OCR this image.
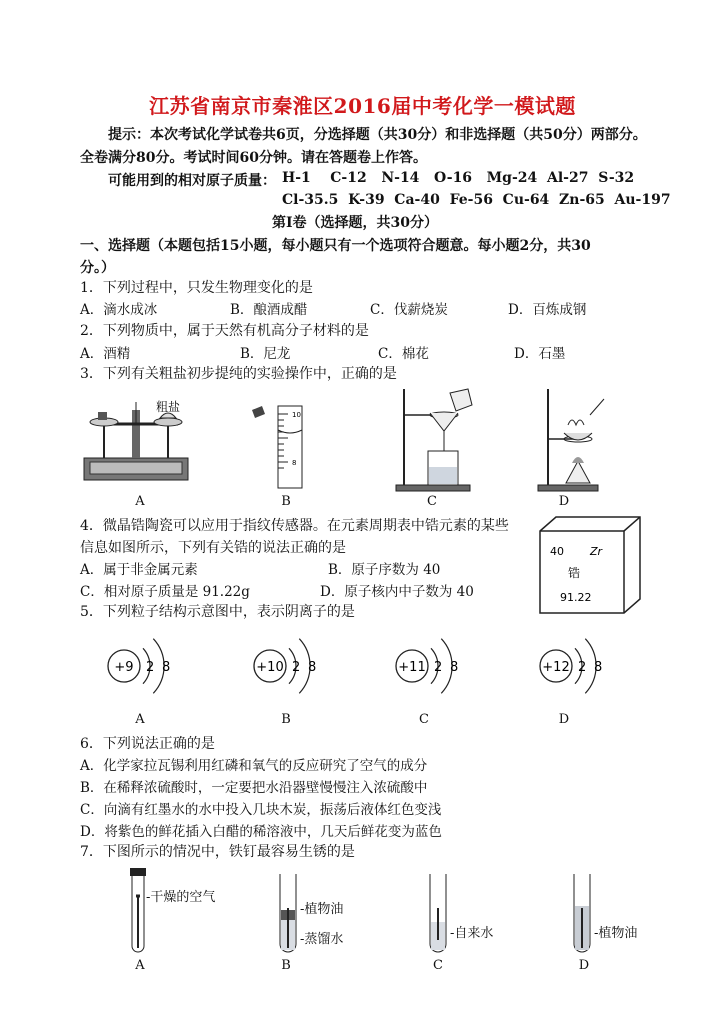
江苏省南京市秦淮区2016届中考化学一模试题
提示：本次考试化学试卷共6页，分选择题（共30分）和非选择题（共50分）两部分。
全卷满分80分。考试时间60分钟。请在答题卷上作答。
可能用到的相对原子质量： H-1    C-12   N-14   O-16   Mg-24  Al-27  S-32
Cl-35.5  K-39  Ca-40  Fe-56  Cu-64  Zn-65  Au-197
第Ⅰ卷（选择题，共30分）
一、选择题（本题包括15小题，每小题只有一个选项符合题意。每小题2分，共30
分。）
1．下列过程中，只发生物理变化的是
A．滴水成冰	B．酿酒成醋	C．伐薪烧炭	D．百炼成钢
2．下列物质中，属于天然有机高分子材料的是
A．酒精	B．尼龙	C．棉花	D．石墨
3．下列有关粗盐初步提纯的实验操作中，正确的是
粗盐
10
8
A	B	C	D
4．微晶锆陶瓷可以应用于指纹传感器。在元素周期表中锆元素的某些
信息如图所示，下列有关锆的说法正确的是
A．属于非金属元素	B．原子序数为 40
C．相对原子质量是 91.22g	D．原子核内中子数为 40
40 Zr
锆
91.22
5．下列粒子结构示意图中，表示阴离子的是
+9 2 8	+10 2 8	+11 2 8	+12 2 8
A	B	C	D
6．下列说法正确的是
A．化学家拉瓦锡利用红磷和氧气的反应研究了空气的成分
B．在稀释浓硫酸时，一定要把水沿器壁慢慢注入浓硫酸中
C．向滴有红墨水的水中投入几块木炭，振荡后液体红色变浅
D．将紫色的鲜花插入白醋的稀溶液中，几天后鲜花变为蓝色
7．下图所示的情况中，铁钉最容易生锈的是
-干燥的空气
-植物油
-蒸馏水	-自来水	-植物油
A	B	C	D
